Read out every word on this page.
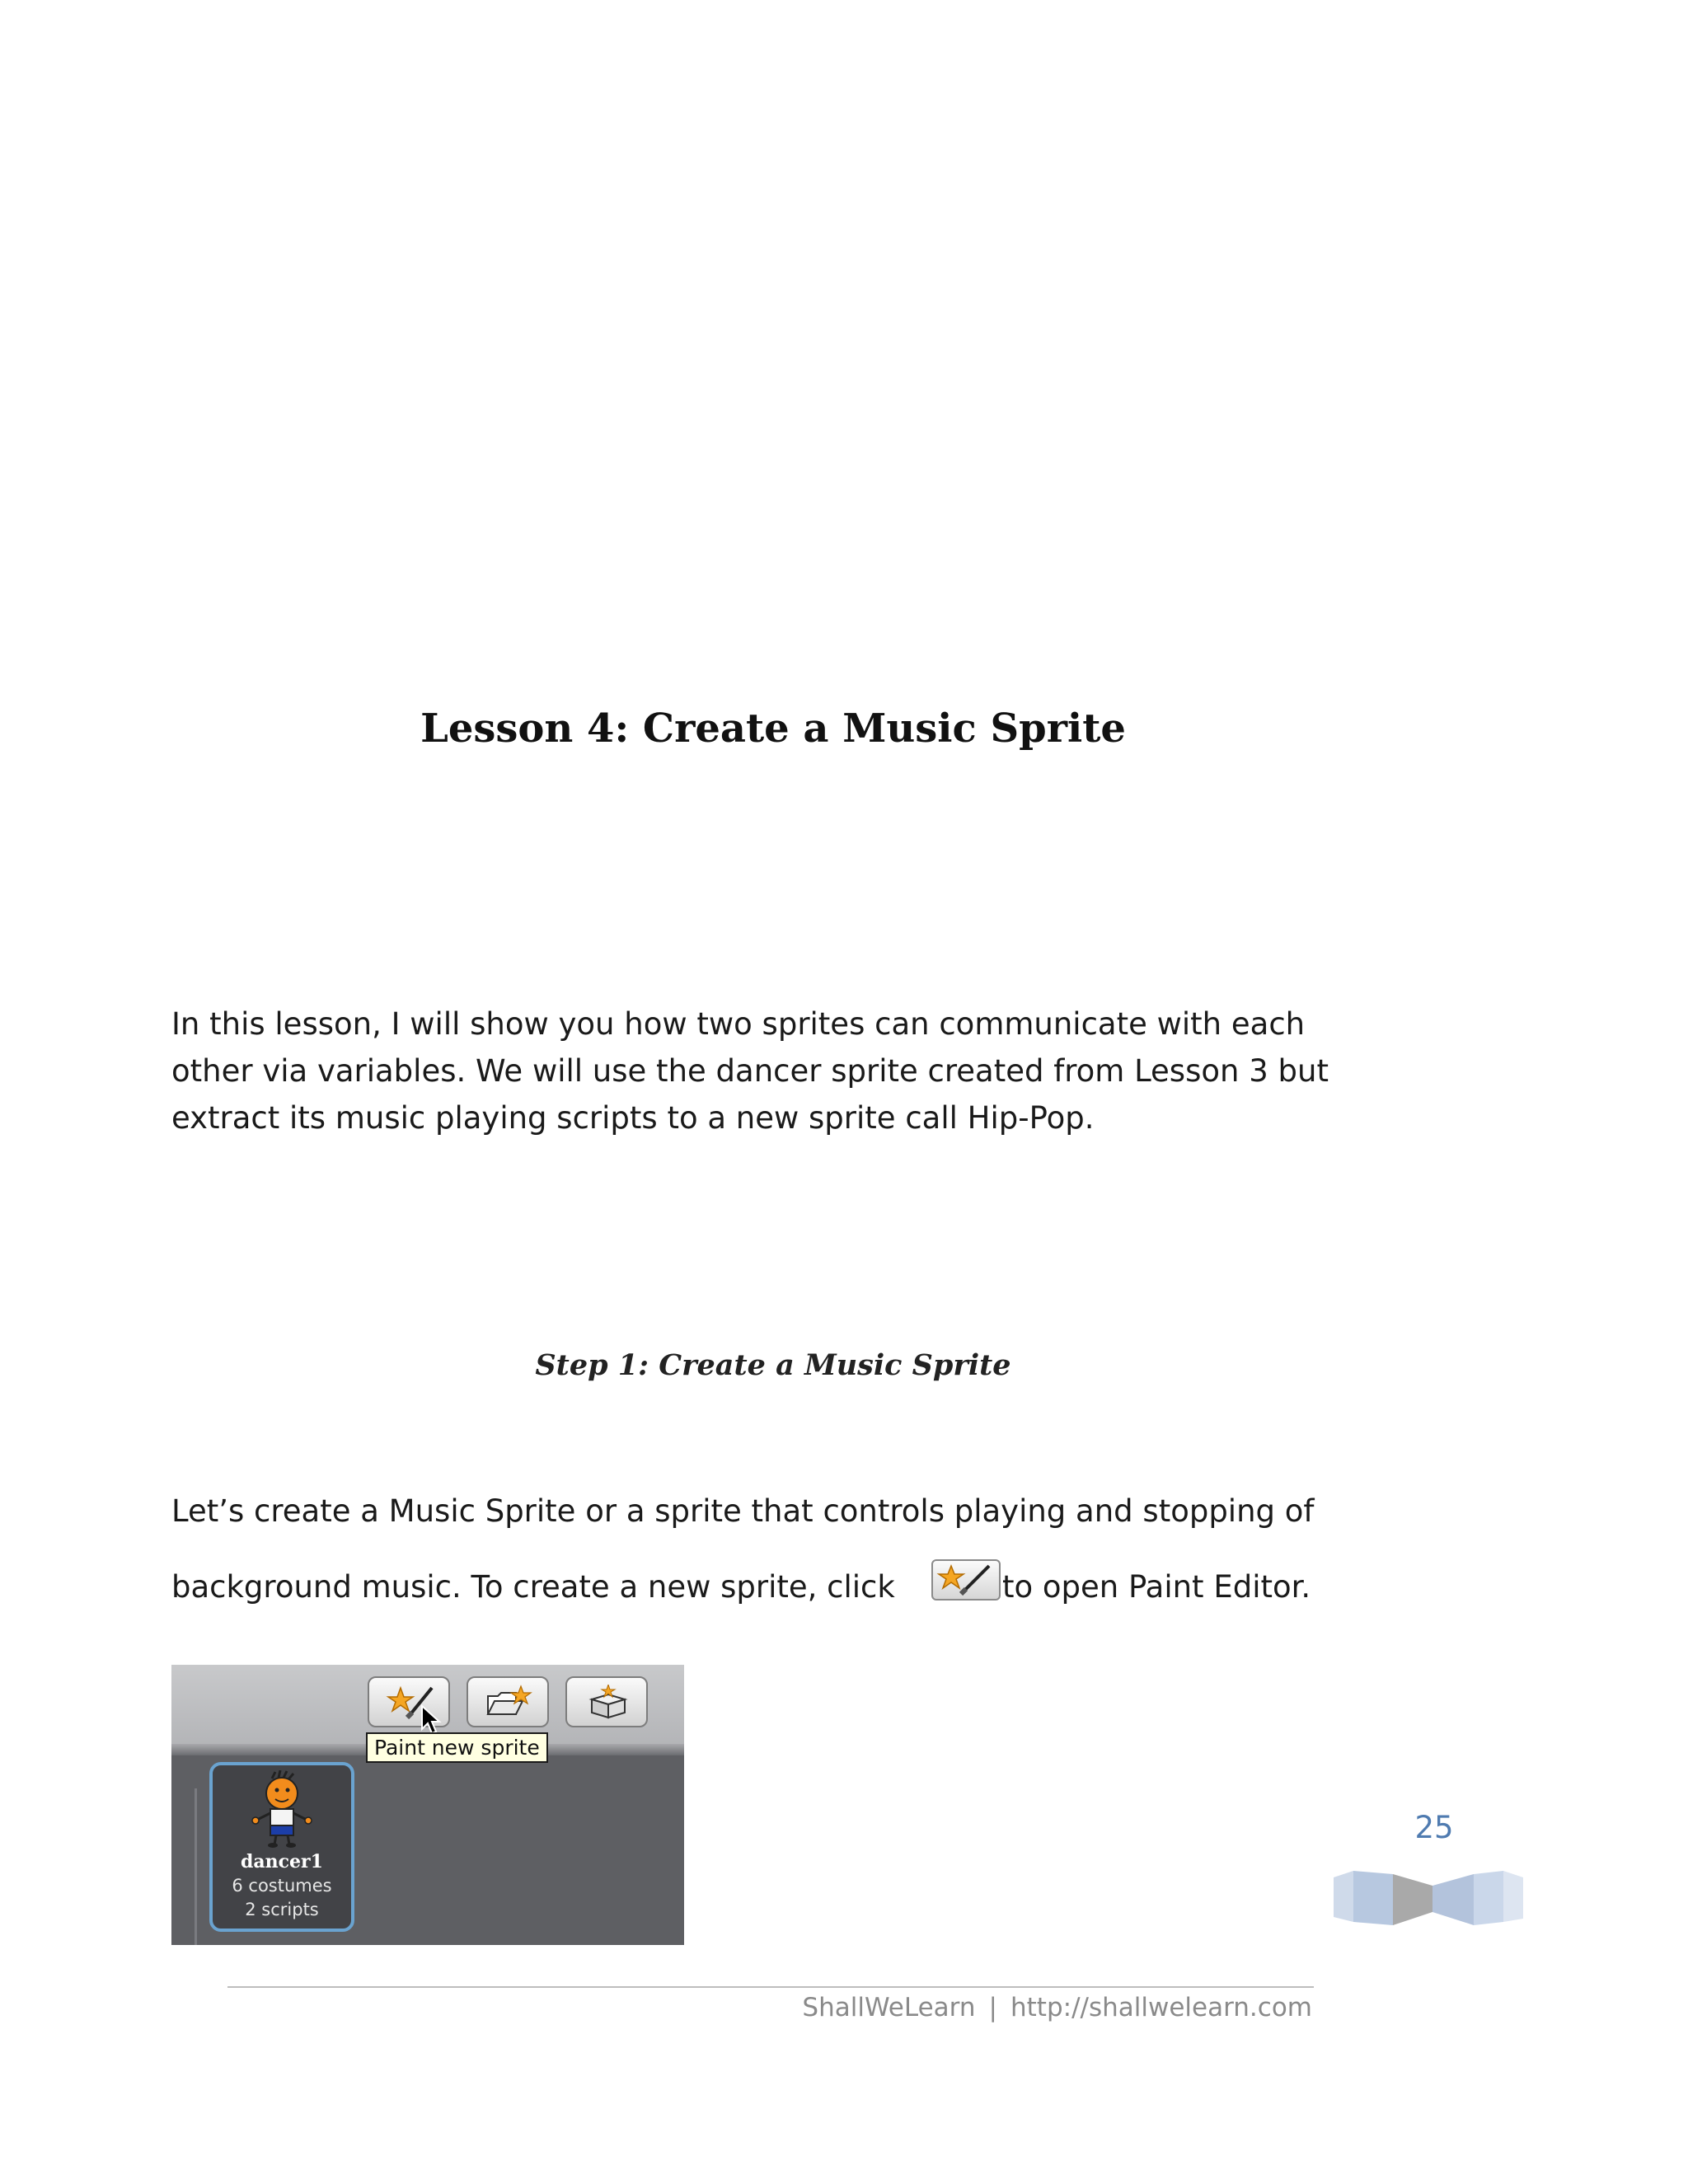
Lesson 4: Create a Music Sprite
In this lesson, I will show you how two sprites can communicate with each
other via variables. We will use the dancer sprite created from Lesson 3 but
extract its music playing scripts to a new sprite call Hip-Pop.
Step 1: Create a Music Sprite
Let’s create a Music Sprite or a sprite that controls playing and stopping of
background music. To create a new sprite, click	to open Paint Editor.
Paint new sprite
dancer1
6 costumes
2 scripts
25
ShallWeLearn | http://shallwelearn.com
